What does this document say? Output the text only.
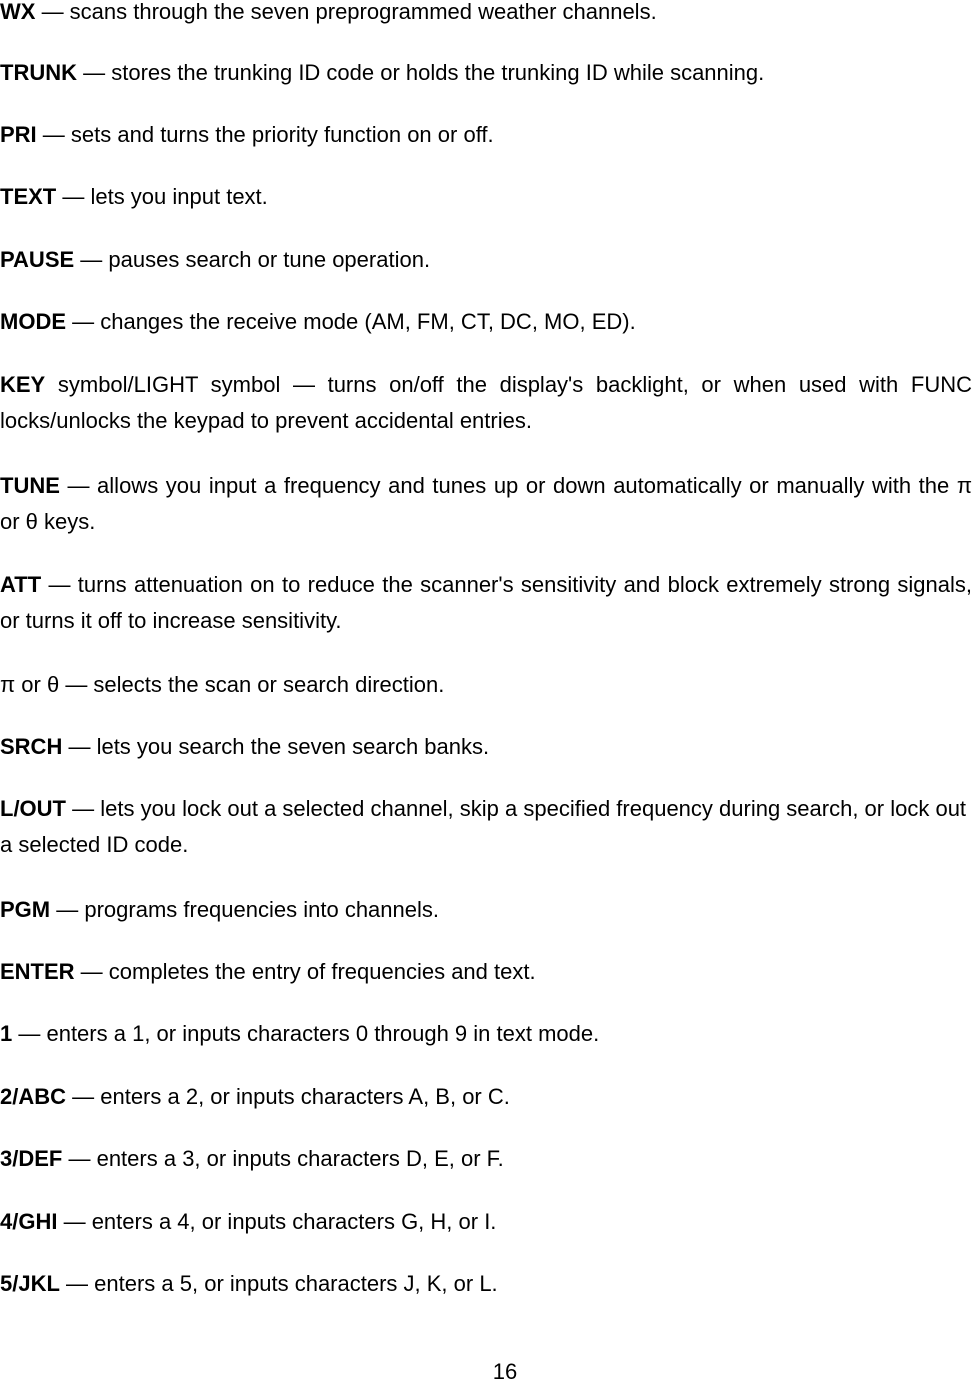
WX — scans through the seven preprogrammed weather channels.

TRUNK — stores the trunking ID code or holds the trunking ID while scanning.

PRI — sets and turns the priority function on or off.

TEXT — lets you input text.

PAUSE — pauses search or tune operation.

MODE — changes the receive mode (AM, FM, CT, DC, MO, ED).

KEY symbol/LIGHT symbol — turns on/off the display's backlight, or when used with FUNC locks/unlocks the keypad to prevent accidental entries.

TUNE — allows you input a frequency and tunes up or down automatically or manually with the π or θ keys.

ATT — turns attenuation on to reduce the scanner's sensitivity and block extremely strong signals, or turns it off to increase sensitivity.

π or θ — selects the scan or search direction.

SRCH — lets you search the seven search banks.

L/OUT — lets you lock out a selected channel, skip a specified frequency during search, or lock out a selected ID code.

PGM — programs frequencies into channels.

ENTER — completes the entry of frequencies and text.

1 — enters a 1, or inputs characters 0 through 9 in text mode.

2/ABC — enters a 2, or inputs characters A, B, or C.

3/DEF — enters a 3, or inputs characters D, E, or F.

4/GHI — enters a 4, or inputs characters G, H, or I.

5/JKL — enters a 5, or inputs characters J, K, or L.

16
